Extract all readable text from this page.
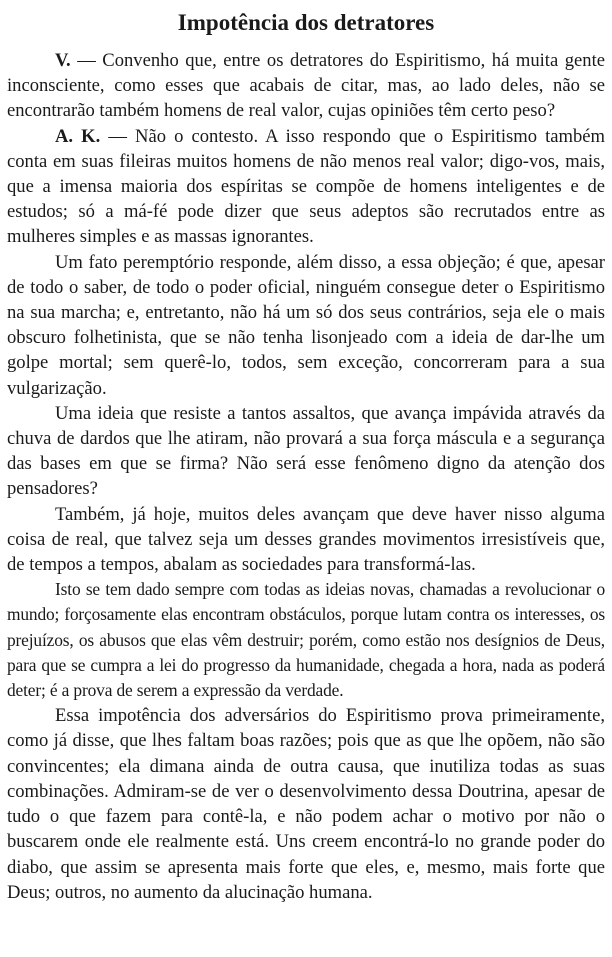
Impotência dos detratores

V. — Convenho que, entre os detratores do Espiritismo, há muita gente inconsciente, como esses que acabais de citar, mas, ao lado deles, não se encontrarão também homens de real valor, cujas opiniões têm certo peso?

A. K. — Não o contesto. A isso respondo que o Espiritismo também conta em suas fileiras muitos homens de não menos real valor; digo-vos, mais, que a imensa maioria dos espíritas se compõe de homens inteligentes e de estudos; só a má-fé pode dizer que seus adeptos são recrutados entre as mulheres simples e as massas ignorantes.

Um fato peremptório responde, além disso, a essa objeção; é que, apesar de todo o saber, de todo o poder oficial, ninguém consegue deter o Espiritismo na sua marcha; e, entretanto, não há um só dos seus contrários, seja ele o mais obscuro folhetinista, que se não tenha lisonjeado com a ideia de dar-lhe um golpe mortal; sem querê-lo, todos, sem exceção, concorreram para a sua vulgarização.

Uma ideia que resiste a tantos assaltos, que avança impávida através da chuva de dardos que lhe atiram, não provará a sua força máscula e a segurança das bases em que se firma? Não será esse fenômeno digno da atenção dos pensadores?

Também, já hoje, muitos deles avançam que deve haver nisso alguma coisa de real, que talvez seja um desses grandes movimentos irresistíveis que, de tempos a tempos, abalam as sociedades para transformá-las.

Isto se tem dado sempre com todas as ideias novas, chamadas a revolucionar o mundo; forçosamente elas encontram obstáculos, porque lutam contra os interesses, os prejuízos, os abusos que elas vêm destruir; porém, como estão nos desígnios de Deus, para que se cumpra a lei do progresso da humanidade, chegada a hora, nada as poderá deter; é a prova de serem a expressão da verdade.

Essa impotência dos adversários do Espiritismo prova primeiramente, como já disse, que lhes faltam boas razões; pois que as que lhe opõem, não são convincentes; ela dimana ainda de outra causa, que inutiliza todas as suas combinações. Admiram-se de ver o desenvolvimento dessa Doutrina, apesar de tudo o que fazem para contê-la, e não podem achar o motivo por não o buscarem onde ele realmente está. Uns creem encontrá-lo no grande poder do diabo, que assim se apresenta mais forte que eles, e, mesmo, mais forte que Deus; outros, no aumento da alucinação humana.
